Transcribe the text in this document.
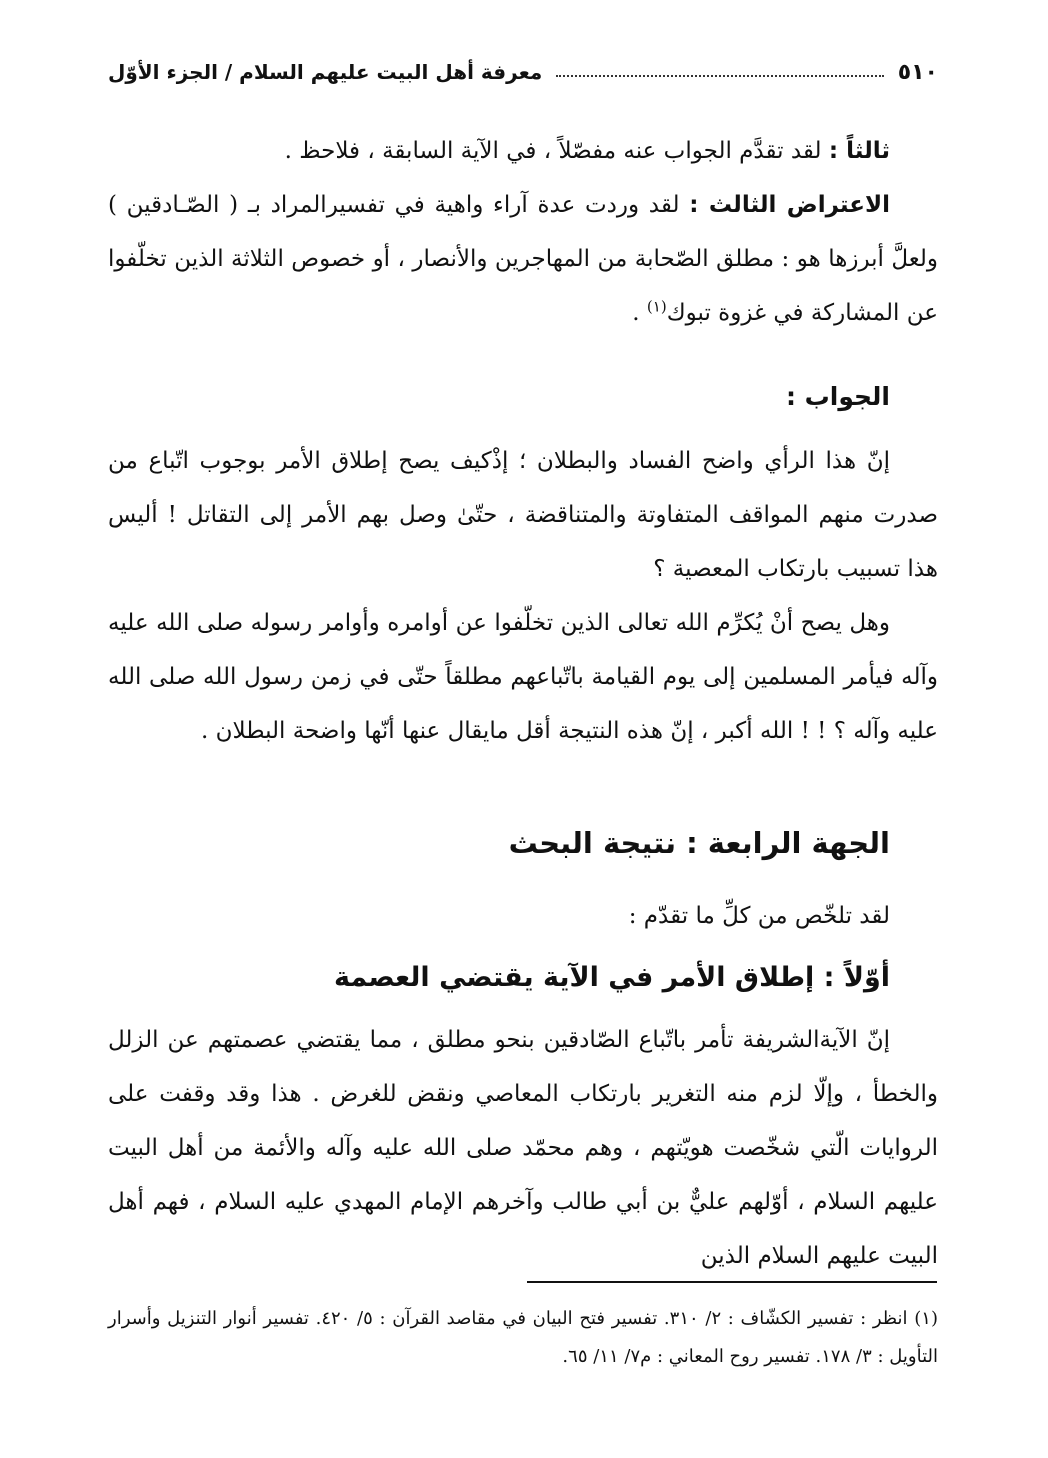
٥١٠
معرفة أهل البيت عليهم السلام / الجزء الأوّل

ثالثاً : لقد تقدَّم الجواب عنه مفصّلاً ، في الآية السابقة ، فلاحظ .

الاعتراض الثالث : لقد وردت عدة آراء واهية في تفسيرالمراد بـ ( الصّـادقين ) ولعلَّ أبرزها هو : مطلق الصّحابة من المهاجرين والأنصار ، أو خصوص الثلاثة الذين تخلّفوا عن المشاركة في غزوة تبوك$^{(١)}$ .

الجواب :

إنّ هذا الرأي واضح الفساد والبطلان ؛ إذْكيف يصح إطلاق الأمر بوجوب اتّباع من صدرت منهم المواقف المتفاوتة والمتناقضة ، حتّىٰ وصل بهم الأمر إلى التقاتل ! أليس هذا تسبيب بارتكاب المعصية ؟

وهل يصح أنْ يُكرِّم الله تعالى الذين تخلّفوا عن أوامره وأوامر رسوله صلى الله عليه وآله فيأمر المسلمين إلى يوم القيامة باتّباعهم مطلقاً حتّى في زمن رسول الله صلى الله عليه وآله ؟ ! ! الله أكبر ، إنّ هذه النتيجة أقل مايقال عنها أنّها واضحة البطلان .

الجهة الرابعة : نتيجة البحث

لقد تلخّص من كلِّ ما تقدّم :

أوّلاً : إطلاق الأمر في الآية يقتضي العصمة

إنّ الآيةالشريفة تأمر باتّباع الصّادقين بنحو مطلق ، مما يقتضي عصمتهم عن الزلل والخطأ ، وإلّا لزم منه التغرير بارتكاب المعاصي ونقض للغرض . هذا وقد وقفت على الروايات الّتي شخّصت هويّتهم ، وهم محمّد صلى الله عليه وآله والأئمة من أهل البيت عليهم السلام ، أوّلهم عليٌّ بن أبي طالب وآخرهم الإمام المهدي عليه السلام ، فهم أهل البيت عليهم السلام الذين

(١) انظر : تفسير الكشّاف : ٢/ ٣١٠. تفسير فتح البيان في مقاصد القرآن : ٥/ ٤٢٠. تفسير أنوار التنزيل وأسرار التأويل : ٣/ ١٧٨. تفسير روح المعاني : م٧/ ١١/ ٦٥.
